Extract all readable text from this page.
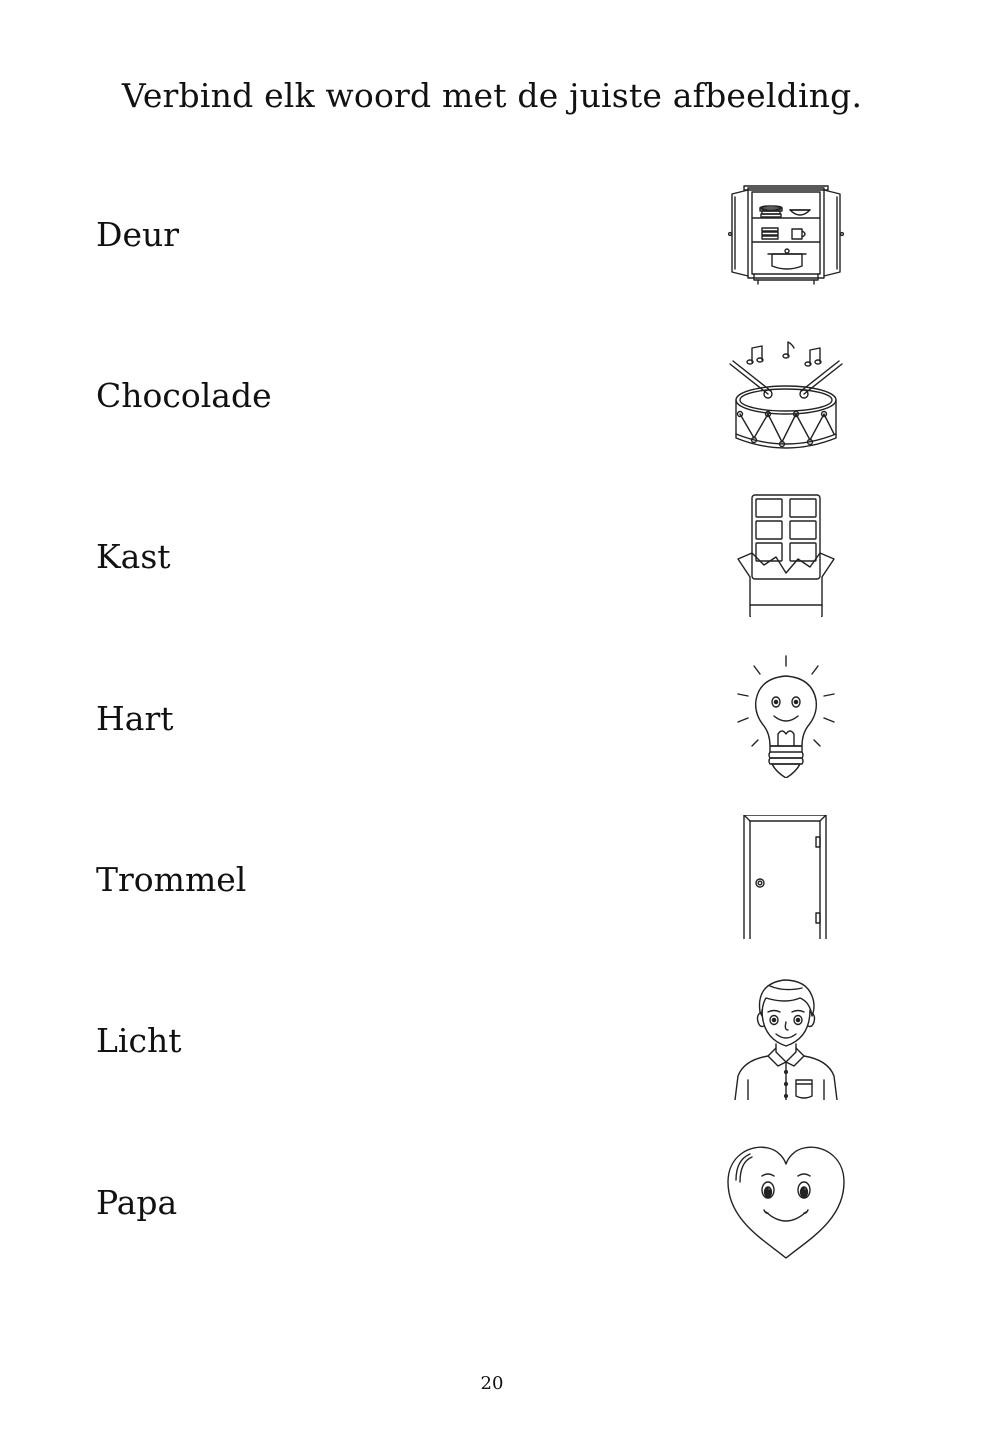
Verbind elk woord met de juiste afbeelding.
Deur
Chocolade
Kast
Hart
Trommel
Licht
Papa
20
